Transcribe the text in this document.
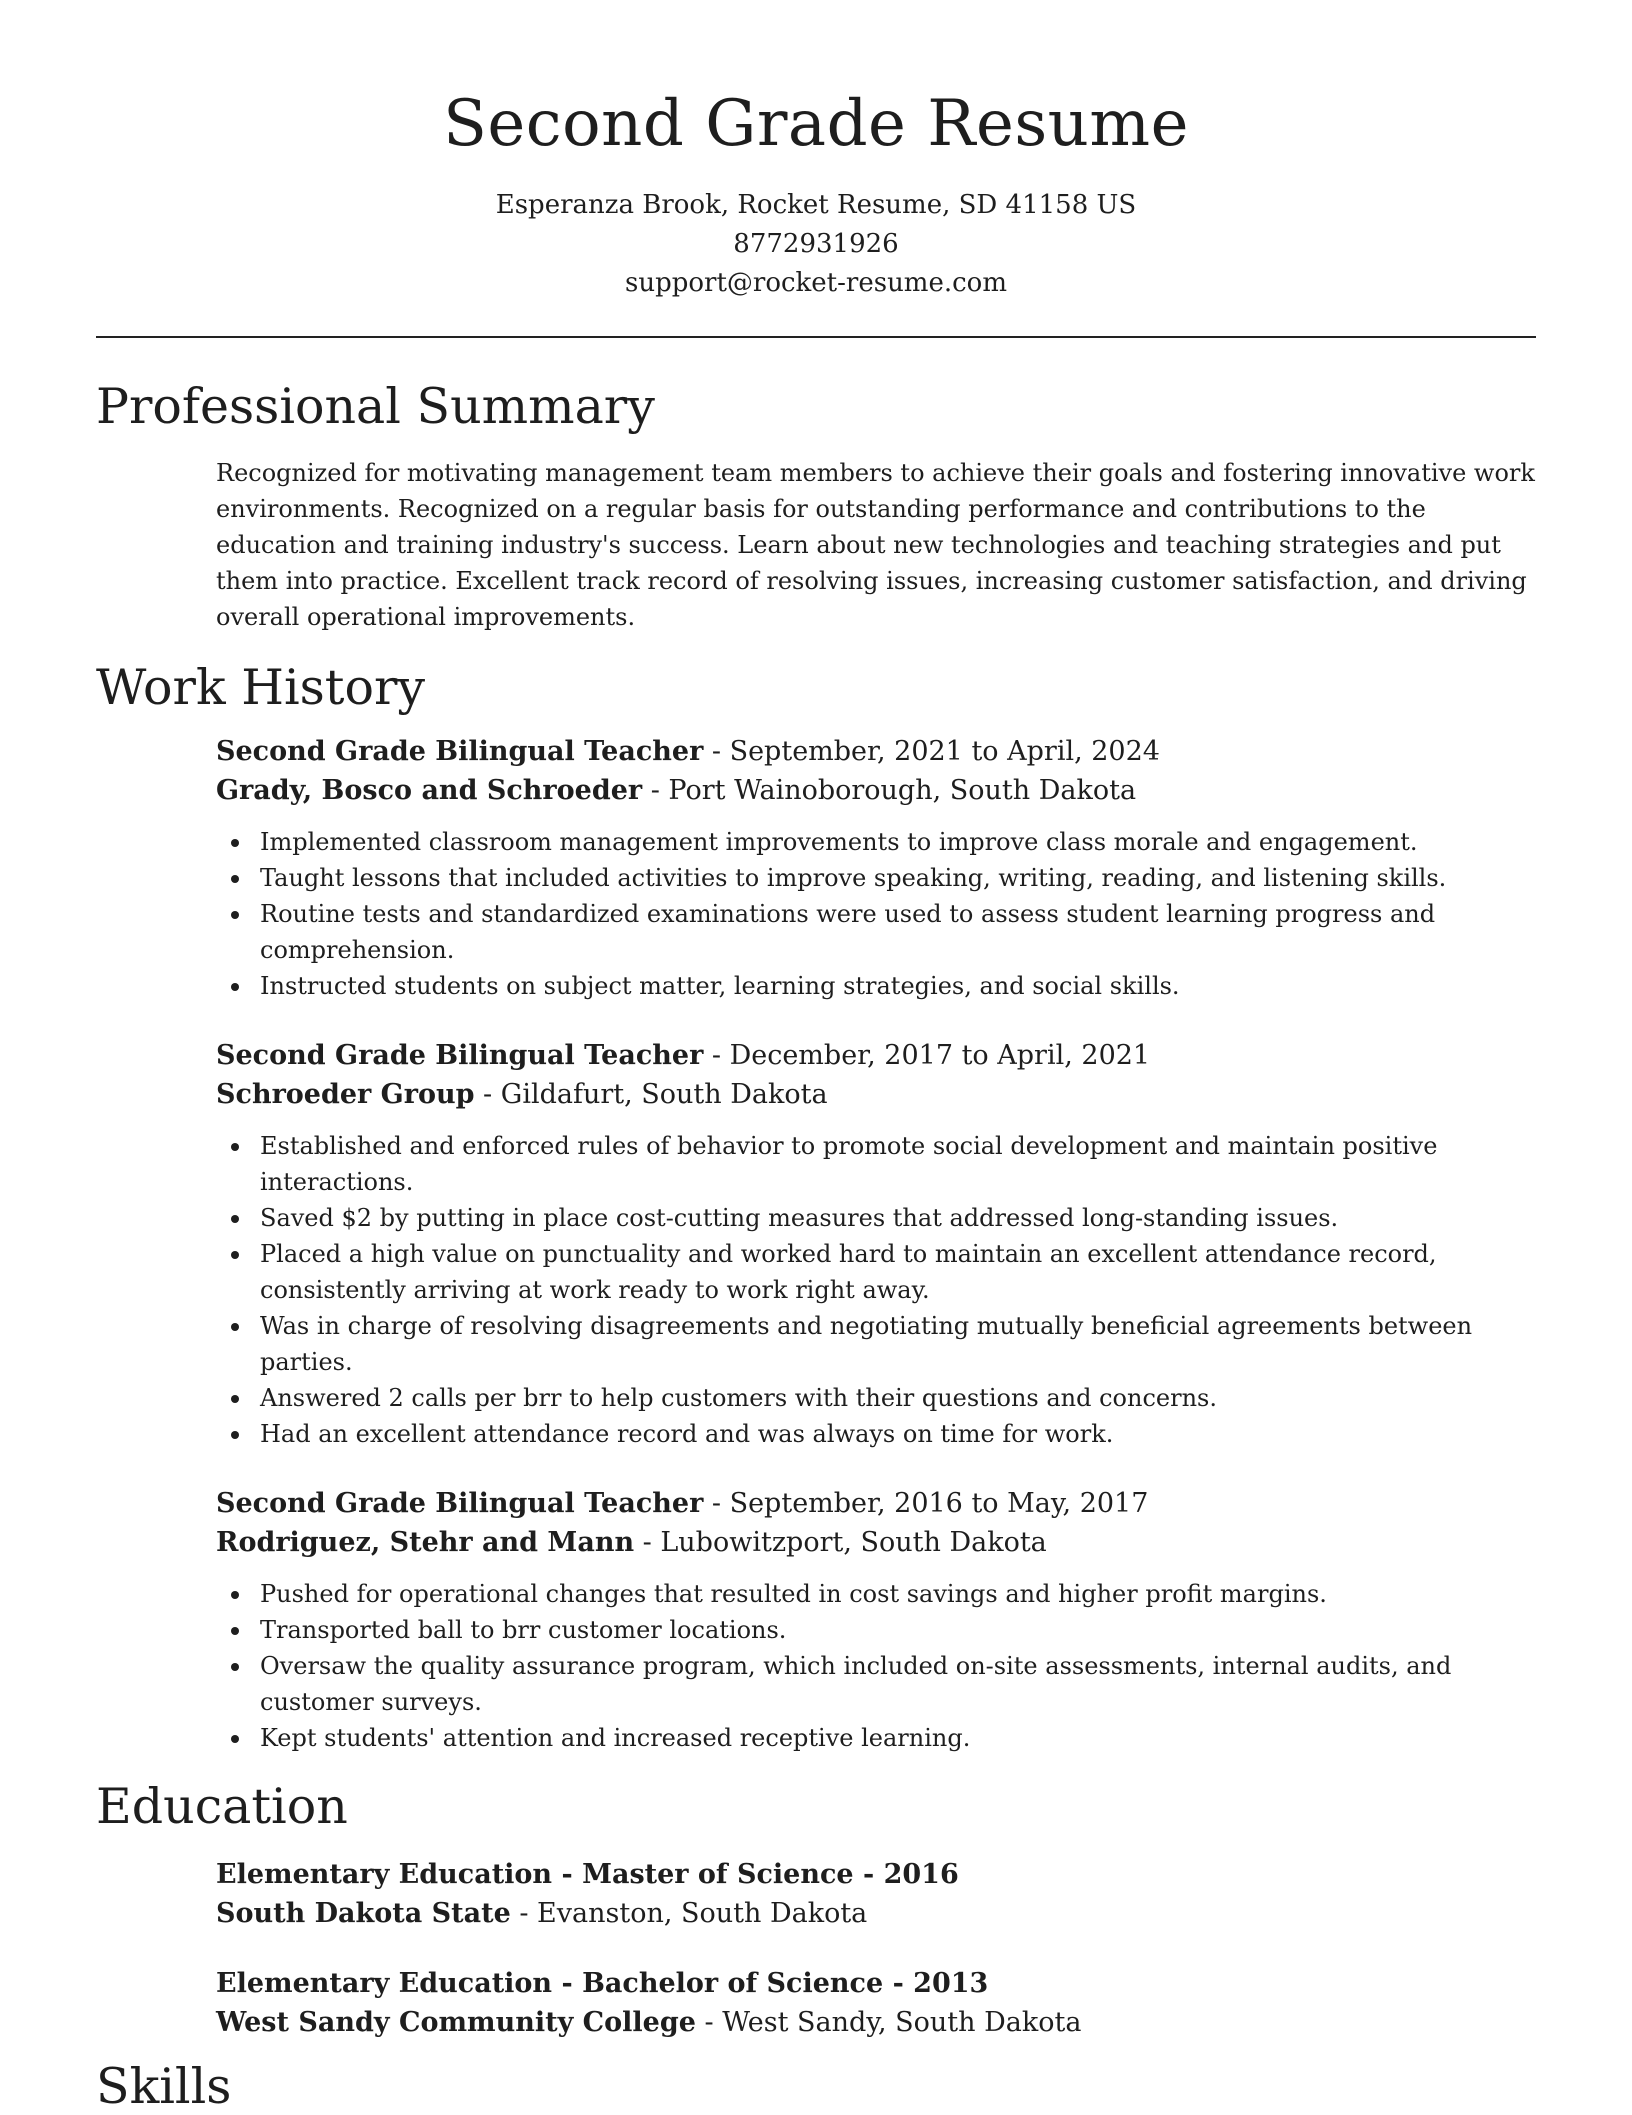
Second Grade Resume
Esperanza Brook, Rocket Resume, SD 41158 US
8772931926
support@rocket-resume.com
Professional Summary

Recognized for motivating management team members to achieve their goals and fostering innovative work environments. Recognized on a regular basis for outstanding performance and contributions to the education and training industry's success. Learn about new technologies and teaching strategies and put them into practice. Excellent track record of resolving issues, increasing customer satisfaction, and driving overall operational improvements.

Work History
Second Grade Bilingual Teacher - September, 2021 to April, 2024
Grady, Bosco and Schroeder - Port Wainoborough, South Dakota
Implemented classroom management improvements to improve class morale and engagement.
Taught lessons that included activities to improve speaking, writing, reading, and listening skills.
Routine tests and standardized examinations were used to assess student learning progress and comprehension.
Instructed students on subject matter, learning strategies, and social skills.
Second Grade Bilingual Teacher - December, 2017 to April, 2021
Schroeder Group - Gildafurt, South Dakota
Established and enforced rules of behavior to promote social development and maintain positive interactions.
Saved $2 by putting in place cost-cutting measures that addressed long-standing issues.
Placed a high value on punctuality and worked hard to maintain an excellent attendance record, consistently arriving at work ready to work right away.
Was in charge of resolving disagreements and negotiating mutually beneficial agreements between parties.
Answered 2 calls per brr to help customers with their questions and concerns.
Had an excellent attendance record and was always on time for work.
Second Grade Bilingual Teacher - September, 2016 to May, 2017
Rodriguez, Stehr and Mann - Lubowitzport, South Dakota
Pushed for operational changes that resulted in cost savings and higher profit margins.
Transported ball to brr customer locations.
Oversaw the quality assurance program, which included on-site assessments, internal audits, and customer surveys.
Kept students' attention and increased receptive learning.
Education
Elementary Education - Master of Science - 2016
South Dakota State - Evanston, South Dakota
Elementary Education - Bachelor of Science - 2013
West Sandy Community College - West Sandy, South Dakota
Skills
